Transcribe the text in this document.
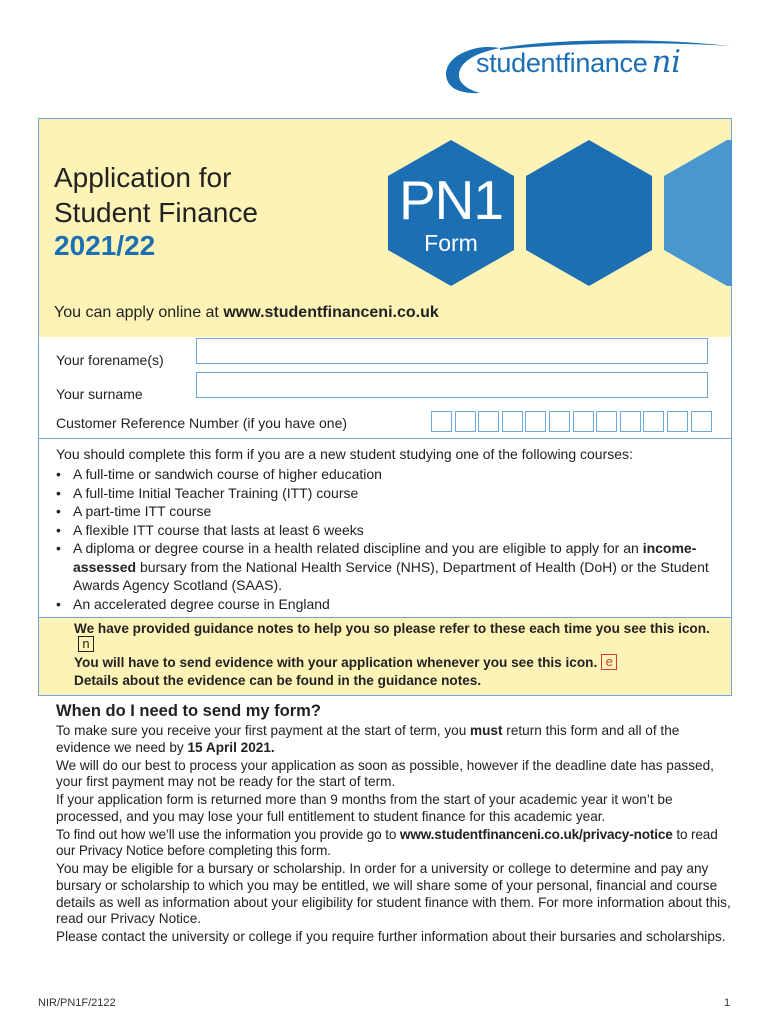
studentfinance ni
Application for
Student Finance
2021/22
PN1
Form
You can apply online at www.studentfinanceni.co.uk
Your forename(s)
Your surname
Customer Reference Number (if you have one)
You should complete this form if you are a new student studying one of the following courses:
• A full-time or sandwich course of higher education
• A full-time Initial Teacher Training (ITT) course
• A part-time ITT course
• A flexible ITT course that lasts at least 6 weeks
• A diploma or degree course in a health related discipline and you are eligible to apply for an income-assessed bursary from the National Health Service (NHS), Department of Health (DoH) or the Student Awards Agency Scotland (SAAS).
• An accelerated degree course in England
We have provided guidance notes to help you so please refer to these each time you see this icon.n
You will have to send evidence with your application whenever you see this icon. e
Details about the evidence can be found in the guidance notes.
When do I need to send my form?

To make sure you receive your first payment at the start of term, you must return this form and all of the evidence we need by 15 April 2021.

We will do our best to process your application as soon as possible, however if the deadline date has passed, your first payment may not be ready for the start of term.

If your application form is returned more than 9 months from the start of your academic year it won’t be processed, and you may lose your full entitlement to student finance for this academic year.

To find out how we’ll use the information you provide go to www.studentfinanceni.co.uk/privacy-notice to read our Privacy Notice before completing this form.

You may be eligible for a bursary or scholarship. In order for a university or college to determine and pay any bursary or scholarship to which you may be entitled, we will share some of your personal, financial and course details as well as information about your eligibility for student finance with them. For more information about this, read our Privacy Notice.

Please contact the university or college if you require further information about their bursaries and scholarships.

NIR/PN1F/2122	1
